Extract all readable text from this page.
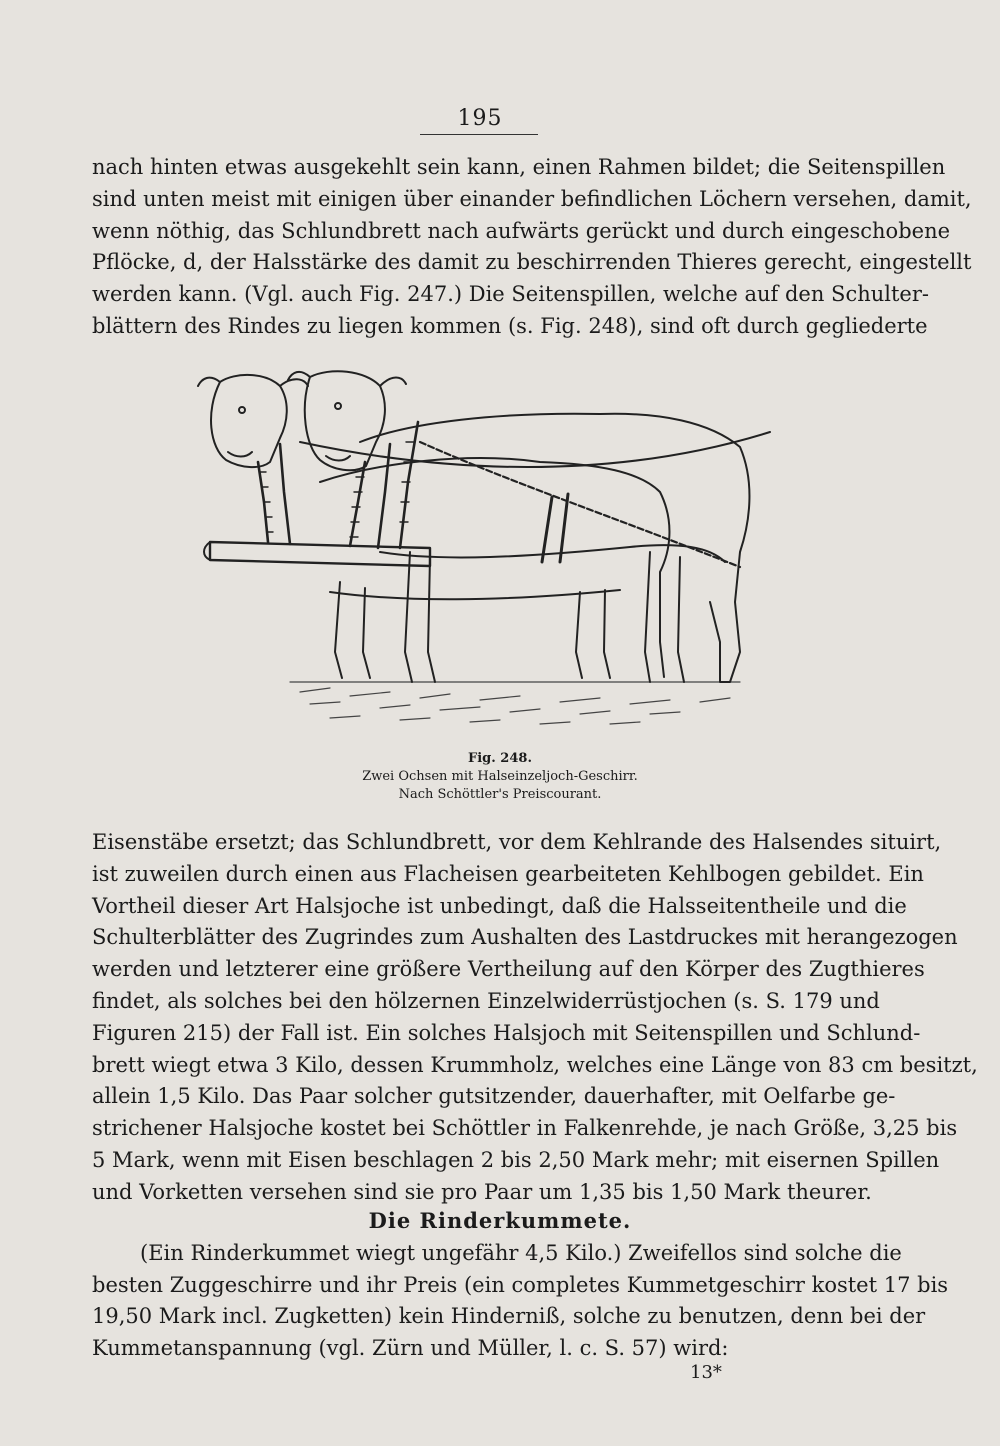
195
nach hinten etwas ausgekehlt sein kann, einen Rahmen bildet; die Seitenspillen
sind unten meist mit einigen über einander befindlichen Löchern versehen, damit,
wenn nöthig, das Schlundbrett nach aufwärts gerückt und durch eingeschobene
Pflöcke, d, der Halsstärke des damit zu beschirrenden Thieres gerecht, eingestellt
werden kann. (Vgl. auch Fig. 247.) Die Seitenspillen, welche auf den Schulter-
blättern des Rindes zu liegen kommen (s. Fig. 248), sind oft durch gegliederte

Fig. 248.

Zwei Ochsen mit Halseinzeljoch-Geschirr.

Nach Schöttler's Preiscourant.

Eisenstäbe ersetzt; das Schlundbrett, vor dem Kehlrande des Halsendes situirt,
ist zuweilen durch einen aus Flacheisen gearbeiteten Kehlbogen gebildet. Ein
Vortheil dieser Art Halsjoche ist unbedingt, daß die Halsseitentheile und die
Schulterblätter des Zugrindes zum Aushalten des Lastdruckes mit herangezogen
werden und letzterer eine größere Vertheilung auf den Körper des Zugthieres
findet, als solches bei den hölzernen Einzelwiderrüstjochen (s. S. 179 und
Figuren 215) der Fall ist. Ein solches Halsjoch mit Seitenspillen und Schlund-
brett wiegt etwa 3 Kilo, dessen Krummholz, welches eine Länge von 83 cm besitzt,
allein 1,5 Kilo. Das Paar solcher gutsitzender, dauerhafter, mit Oelfarbe ge-
strichener Halsjoche kostet bei Schöttler in Falkenrehde, je nach Größe, 3,25 bis
5 Mark, wenn mit Eisen beschlagen 2 bis 2,50 Mark mehr; mit eisernen Spillen
und Vorketten versehen sind sie pro Paar um 1,35 bis 1,50 Mark theurer.
Die Rinderkummete.
(Ein Rinderkummet wiegt ungefähr 4,5 Kilo.) Zweifellos sind solche die
besten Zuggeschirre und ihr Preis (ein completes Kummetgeschirr kostet 17 bis
19,50 Mark incl. Zugketten) kein Hinderniß, solche zu benutzen, denn bei der
Kummetanspannung (vgl. Zürn und Müller, l. c. S. 57) wird:
13*
